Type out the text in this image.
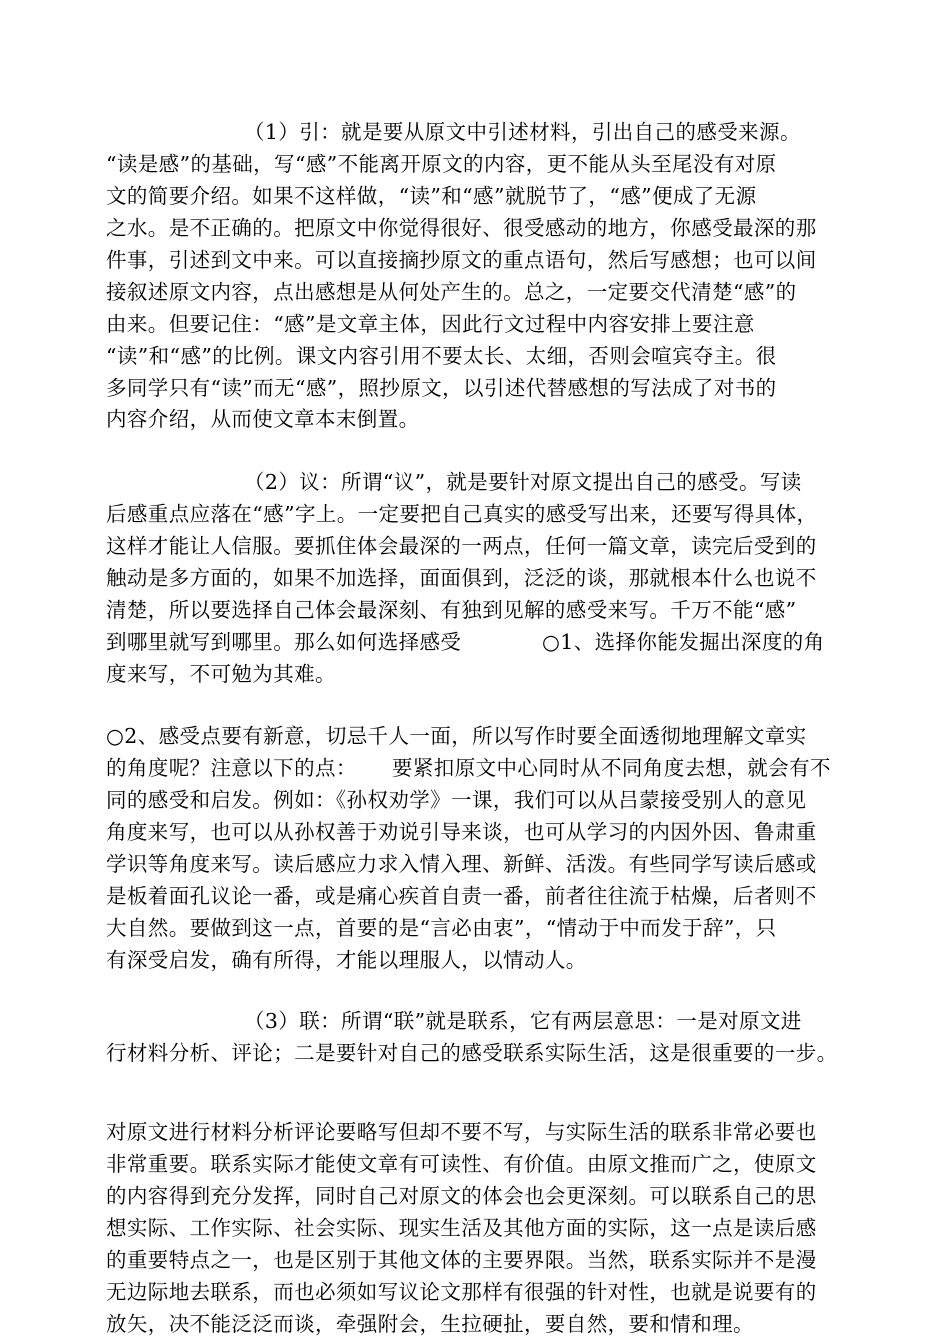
（1）引：就是要从原文中引述材料，引出自己的感受来源。
“读是感”的基础，写“感”不能离开原文的内容，更不能从头至尾没有对原
文的简要介绍。如果不这样做，“读”和“感”就脱节了，“感”便成了无源
之水。是不正确的。把原文中你觉得很好、很受感动的地方，你感受最深的那
件事，引述到文中来。可以直接摘抄原文的重点语句，然后写感想；也可以间
接叙述原文内容，点出感想是从何处产生的。总之，一定要交代清楚“感”的
由来。但要记住：“感”是文章主体，因此行文过程中内容安排上要注意
“读”和“感”的比例。课文内容引用不要太长、太细，否则会喧宾夺主。很
多同学只有“读”而无“感”，照抄原文，以引述代替感想的写法成了对书的
内容介绍，从而使文章本末倒置。
（2）议：所谓“议”，就是要针对原文提出自己的感受。写读
后感重点应落在“感”字上。一定要把自己真实的感受写出来，还要写得具体，
这样才能让人信服。要抓住体会最深的一两点，任何一篇文章，读完后受到的
触动是多方面的，如果不加选择，面面俱到，泛泛的谈，那就根本什么也说不
清楚，所以要选择自己体会最深刻、有独到见解的感受来写。千万不能“感”
到哪里就写到哪里。那么如何选择感受	○1、选择你能发掘出深度的角
度来写，不可勉为其难。
○2、感受点要有新意，切忌千人一面，所以写作时要全面透彻地理解文章实
的角度呢？注意以下的点： 要紧扣原文中心同时从不同角度去想，就会有不
同的感受和启发。例如：《孙权劝学》一课，我们可以从吕蒙接受别人的意见
角度来写，也可以从孙权善于劝说引导来谈，也可从学习的内因外因、鲁肃重
学识等角度来写。读后感应力求入情入理、新鲜、活泼。有些同学写读后感或
是板着面孔议论一番，或是痛心疾首自责一番，前者往往流于枯燥，后者则不
大自然。要做到这一点，首要的是“言必由衷”，“情动于中而发于辞”，只
有深受启发，确有所得，才能以理服人，以情动人。
（3）联：所谓“联”就是联系，它有两层意思：一是对原文进
行材料分析、评论；二是要针对自己的感受联系实际生活，这是很重要的一步。
对原文进行材料分析评论要略写但却不要不写，与实际生活的联系非常必要也
非常重要。联系实际才能使文章有可读性、有价值。由原文推而广之，使原文
的内容得到充分发挥，同时自己对原文的体会也会更深刻。可以联系自己的思
想实际、工作实际、社会实际、现实生活及其他方面的实际，这一点是读后感
的重要特点之一，也是区别于其他文体的主要界限。当然，联系实际并不是漫
无边际地去联系，而也必须如写议论文那样有很强的针对性，也就是说要有的
放矢，决不能泛泛而谈，牵强附会，生拉硬扯，要自然，要和情和理。
